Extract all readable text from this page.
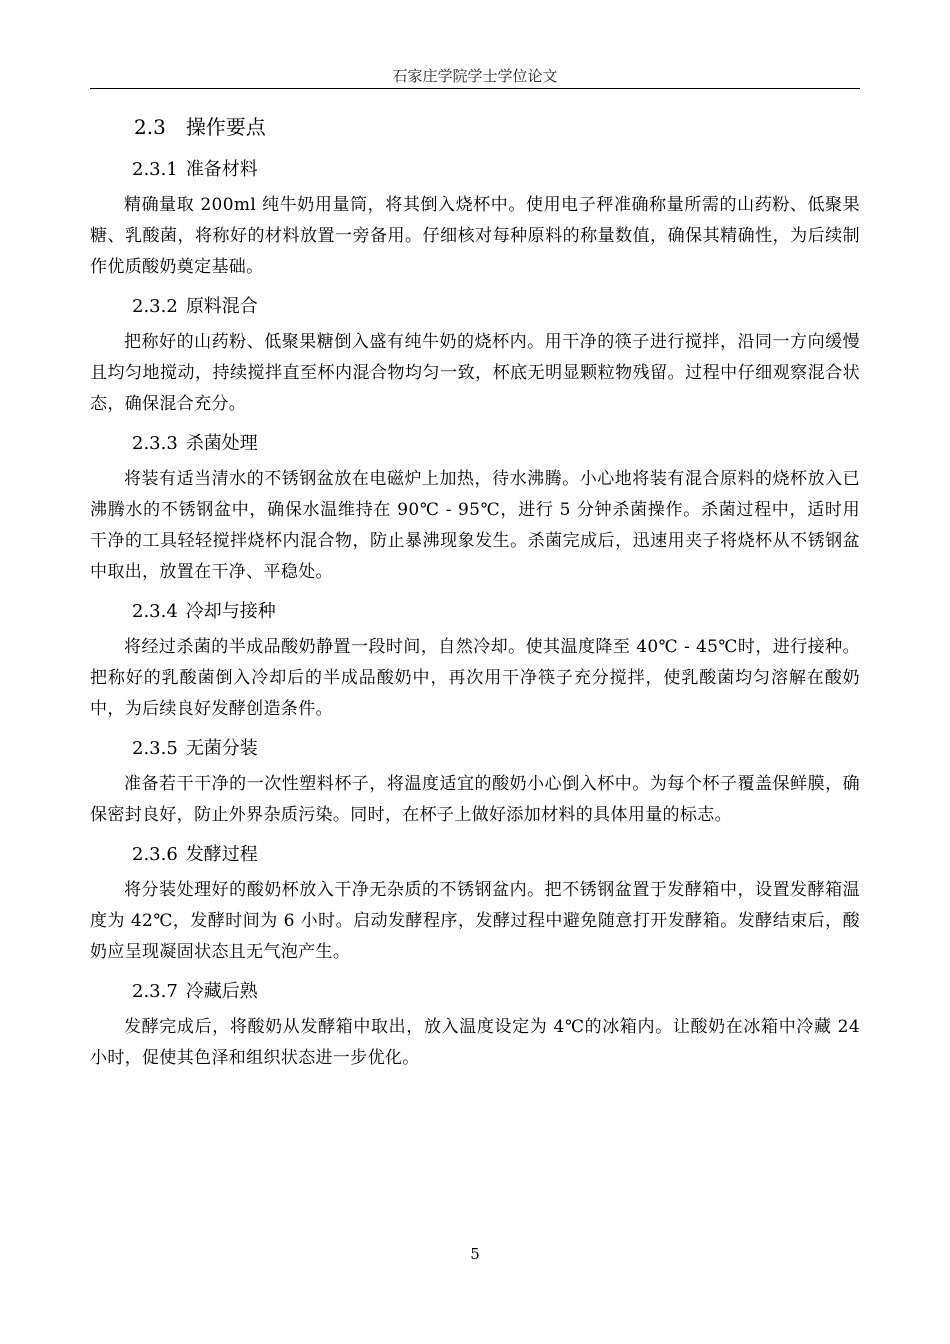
石家庄学院学士学位论文
2.3 操作要点
2.3.1 准备材料

精确量取 200ml 纯牛奶用量筒，将其倒入烧杯中。使用电子秤准确称量所需的山药粉、低聚果糖、乳酸菌，将称好的材料放置一旁备用。仔细核对每种原料的称量数值，确保其精确性，为后续制作优质酸奶奠定基础。

2.3.2 原料混合

把称好的山药粉、低聚果糖倒入盛有纯牛奶的烧杯内。用干净的筷子进行搅拌，沿同一方向缓慢且均匀地搅动，持续搅拌直至杯内混合物均匀一致，杯底无明显颗粒物残留。过程中仔细观察混合状态，确保混合充分。

2.3.3 杀菌处理

将装有适当清水的不锈钢盆放在电磁炉上加热，待水沸腾。小心地将装有混合原料的烧杯放入已沸腾水的不锈钢盆中，确保水温维持在 90℃ - 95℃，进行 5 分钟杀菌操作。杀菌过程中，适时用干净的工具轻轻搅拌烧杯内混合物，防止暴沸现象发生。杀菌完成后，迅速用夹子将烧杯从不锈钢盆中取出，放置在干净、平稳处。

2.3.4 冷却与接种

将经过杀菌的半成品酸奶静置一段时间，自然冷却。使其温度降至 40℃ - 45℃时，进行接种。把称好的乳酸菌倒入冷却后的半成品酸奶中，再次用干净筷子充分搅拌，使乳酸菌均匀溶解在酸奶中，为后续良好发酵创造条件。

2.3.5 无菌分装

准备若干干净的一次性塑料杯子，将温度适宜的酸奶小心倒入杯中。为每个杯子覆盖保鲜膜，确保密封良好，防止外界杂质污染。同时，在杯子上做好添加材料的具体用量的标志。

2.3.6 发酵过程

将分装处理好的酸奶杯放入干净无杂质的不锈钢盆内。把不锈钢盆置于发酵箱中，设置发酵箱温度为 42℃，发酵时间为 6 小时。启动发酵程序，发酵过程中避免随意打开发酵箱。发酵结束后，酸奶应呈现凝固状态且无气泡产生。

2.3.7 冷藏后熟

发酵完成后，将酸奶从发酵箱中取出，放入温度设定为 4℃的冰箱内。让酸奶在冰箱中冷藏 24 小时，促使其色泽和组织状态进一步优化。

5
